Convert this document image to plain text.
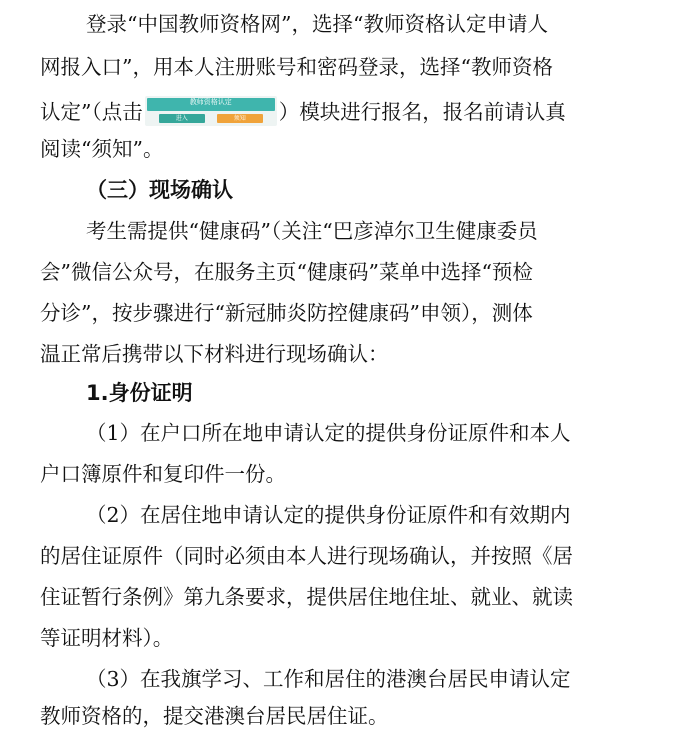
登录“中国教师资格网”，选择“教师资格认定申请人
网报入口”，用本人注册账号和密码登录，选择“教师资格
认定”（点击	教师资格认定
进入	须知	）模块进行报名，报名前请认真
阅读“须知”。
（三）现场确认
考生需提供“健康码”（关注“巴彦淖尔卫生健康委员
会”微信公众号，在服务主页“健康码”菜单中选择“预检
分诊”，按步骤进行“新冠肺炎防控健康码”申领），测体
温正常后携带以下材料进行现场确认：
1.身份证明
（1）在户口所在地申请认定的提供身份证原件和本人
户口簿原件和复印件一份。
（2）在居住地申请认定的提供身份证原件和有效期内
的居住证原件（同时必须由本人进行现场确认，并按照《居
住证暂行条例》第九条要求，提供居住地住址、就业、就读
等证明材料）。
（3）在我旗学习、工作和居住的港澳台居民申请认定
教师资格的，提交港澳台居民居住证。
